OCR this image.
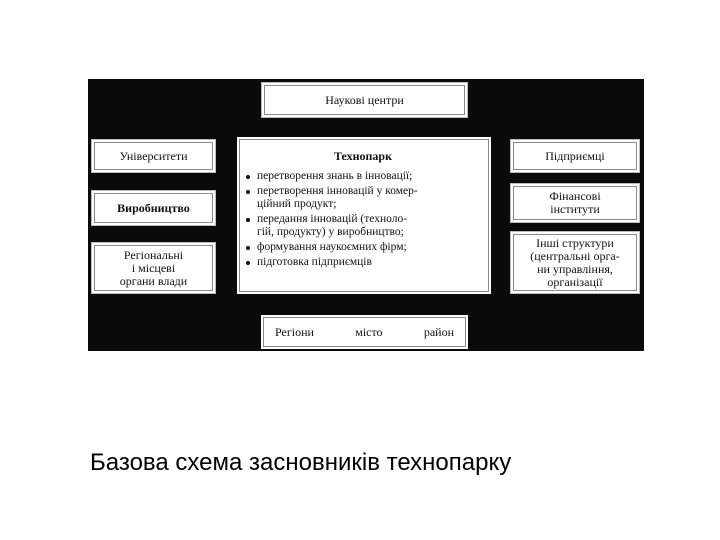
Наукові центри
Університети
Виробництво
Регіональні
і місцеві
органи влади
Технопарк
перетворення знань в інновації;
перетворення інновацій у комер-
ційний продукт;
передання інновацій (техноло-
гій, продукту) у виробництво;
формування наукоємних фірм;
підготовка підприємців
Підприємці
Фінансові
інститути
Інші структури
(центральні орга-
ни управління,
організації
Регіони	місто	район
Базова схема засновників технопарку
